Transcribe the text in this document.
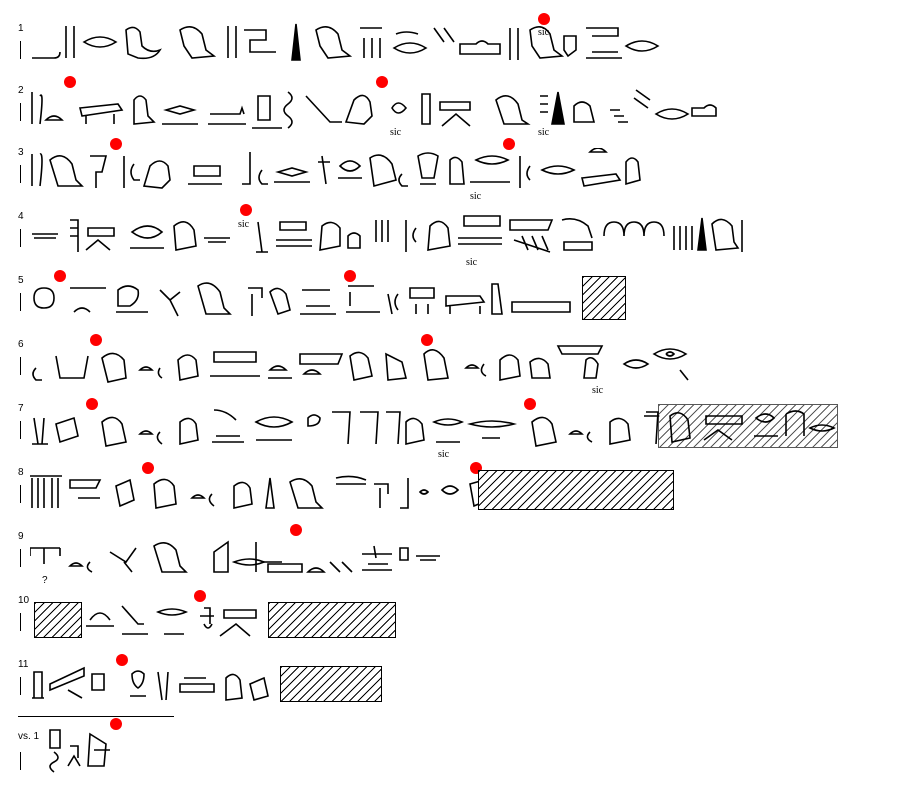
1	sic
2
sic	sic
3
sic
4
sic
sic
5
6
sic
7
sic
8
9
?
10
11
vs. 1
